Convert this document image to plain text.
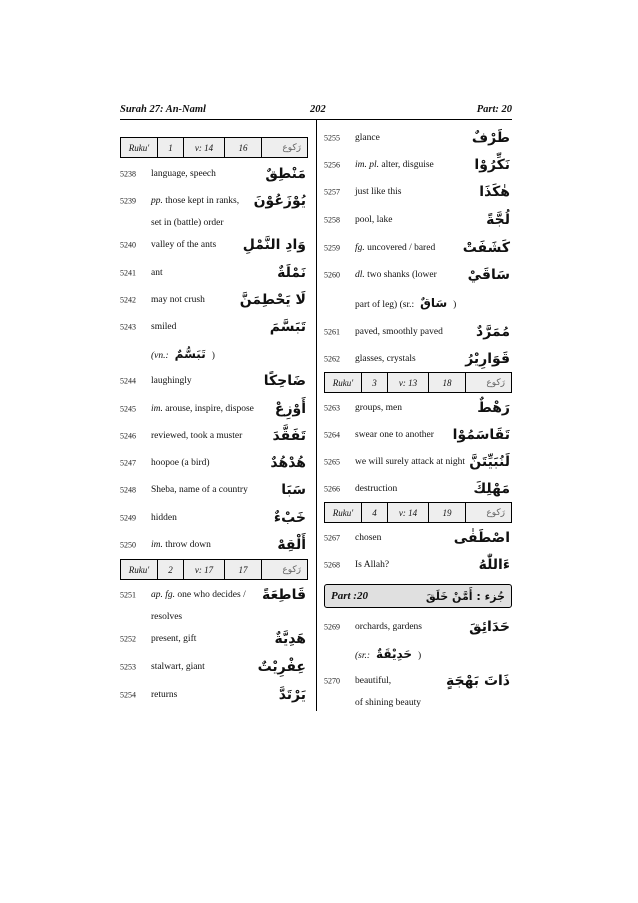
Surah 27: An-Naml	202	Part: 20
Ruku'	1	v: 14	16	رَكوع
5238 language, speech	مَنْطِقٌ
5239 pp. those kept in ranks, يُوْزَعُوْنَ
set in (battle) order
5240 valley of the ants وَادِ النَّمْلِ
5241 ant	نَمْلَةٌ
5242 may not crush لَا يَحْطِمَنَّ
5243 smiled	تَبَسَّمَ
(vn.: تَبَسُّمٌ )
5244 laughingly	ضَاحِكًا
5245 im. arouse, inspire, dispose أَوْزِعْ
5246 reviewed, took a muster تَفَقَّدَ
5247 hoopoe (a bird)	هُدْهُدٌ
5248 Sheba, name of a country سَبَا
5249 hidden	خَبْءٌ
5250 im. throw down	أَلْقِهْ
Ruku'	2	v: 17	17	رَكوع
5251 ap. fg. one who decides / قَاطِعَةً
resolves
5252 present, gift	هَدِيَّةٌ
5253 stalwart, giant	عِفْرِيْتٌ
5254 returns	يَرْتَدَّ
5255 glance	طَرْفٌ
5256 im. pl. alter, disguise	نَكِّرُوْا
5257 just like this	هٰكَذَا
5258 pool, lake	لُجَّةً
5259 fg. uncovered / bared كَشَفَتْ
5260 dl. two shanks (lower سَاقَيْ
part of leg) (sr.: سَاقٌ )
5261 paved, smoothly paved مُمَرَّدٌ
5262 glasses, crystals	قَوَارِيْرُ
Ruku'	3	v: 13	18	رَكوع
5263 groups, men	رَهْطٌ
5264 swear one to another تَقَاسَمُوْا
5265 we will surely attack at night لَنُبَيِّتَنَّ
5266 destruction	مَهْلِكَ
Ruku'	4	v: 14	19	رَكوع
5267 chosen	اصْطَفٰى
5268 Is Allah?	ءَاللّٰهُ
Part :20	جُزء : أَمَّنْ خَلَقَ
5269 orchards, gardens	حَدَائِقَ
(sr.: حَدِيْقَةٌ )
5270 beautiful,	ذَاتَ بَهْجَةٍ
of shining beauty
